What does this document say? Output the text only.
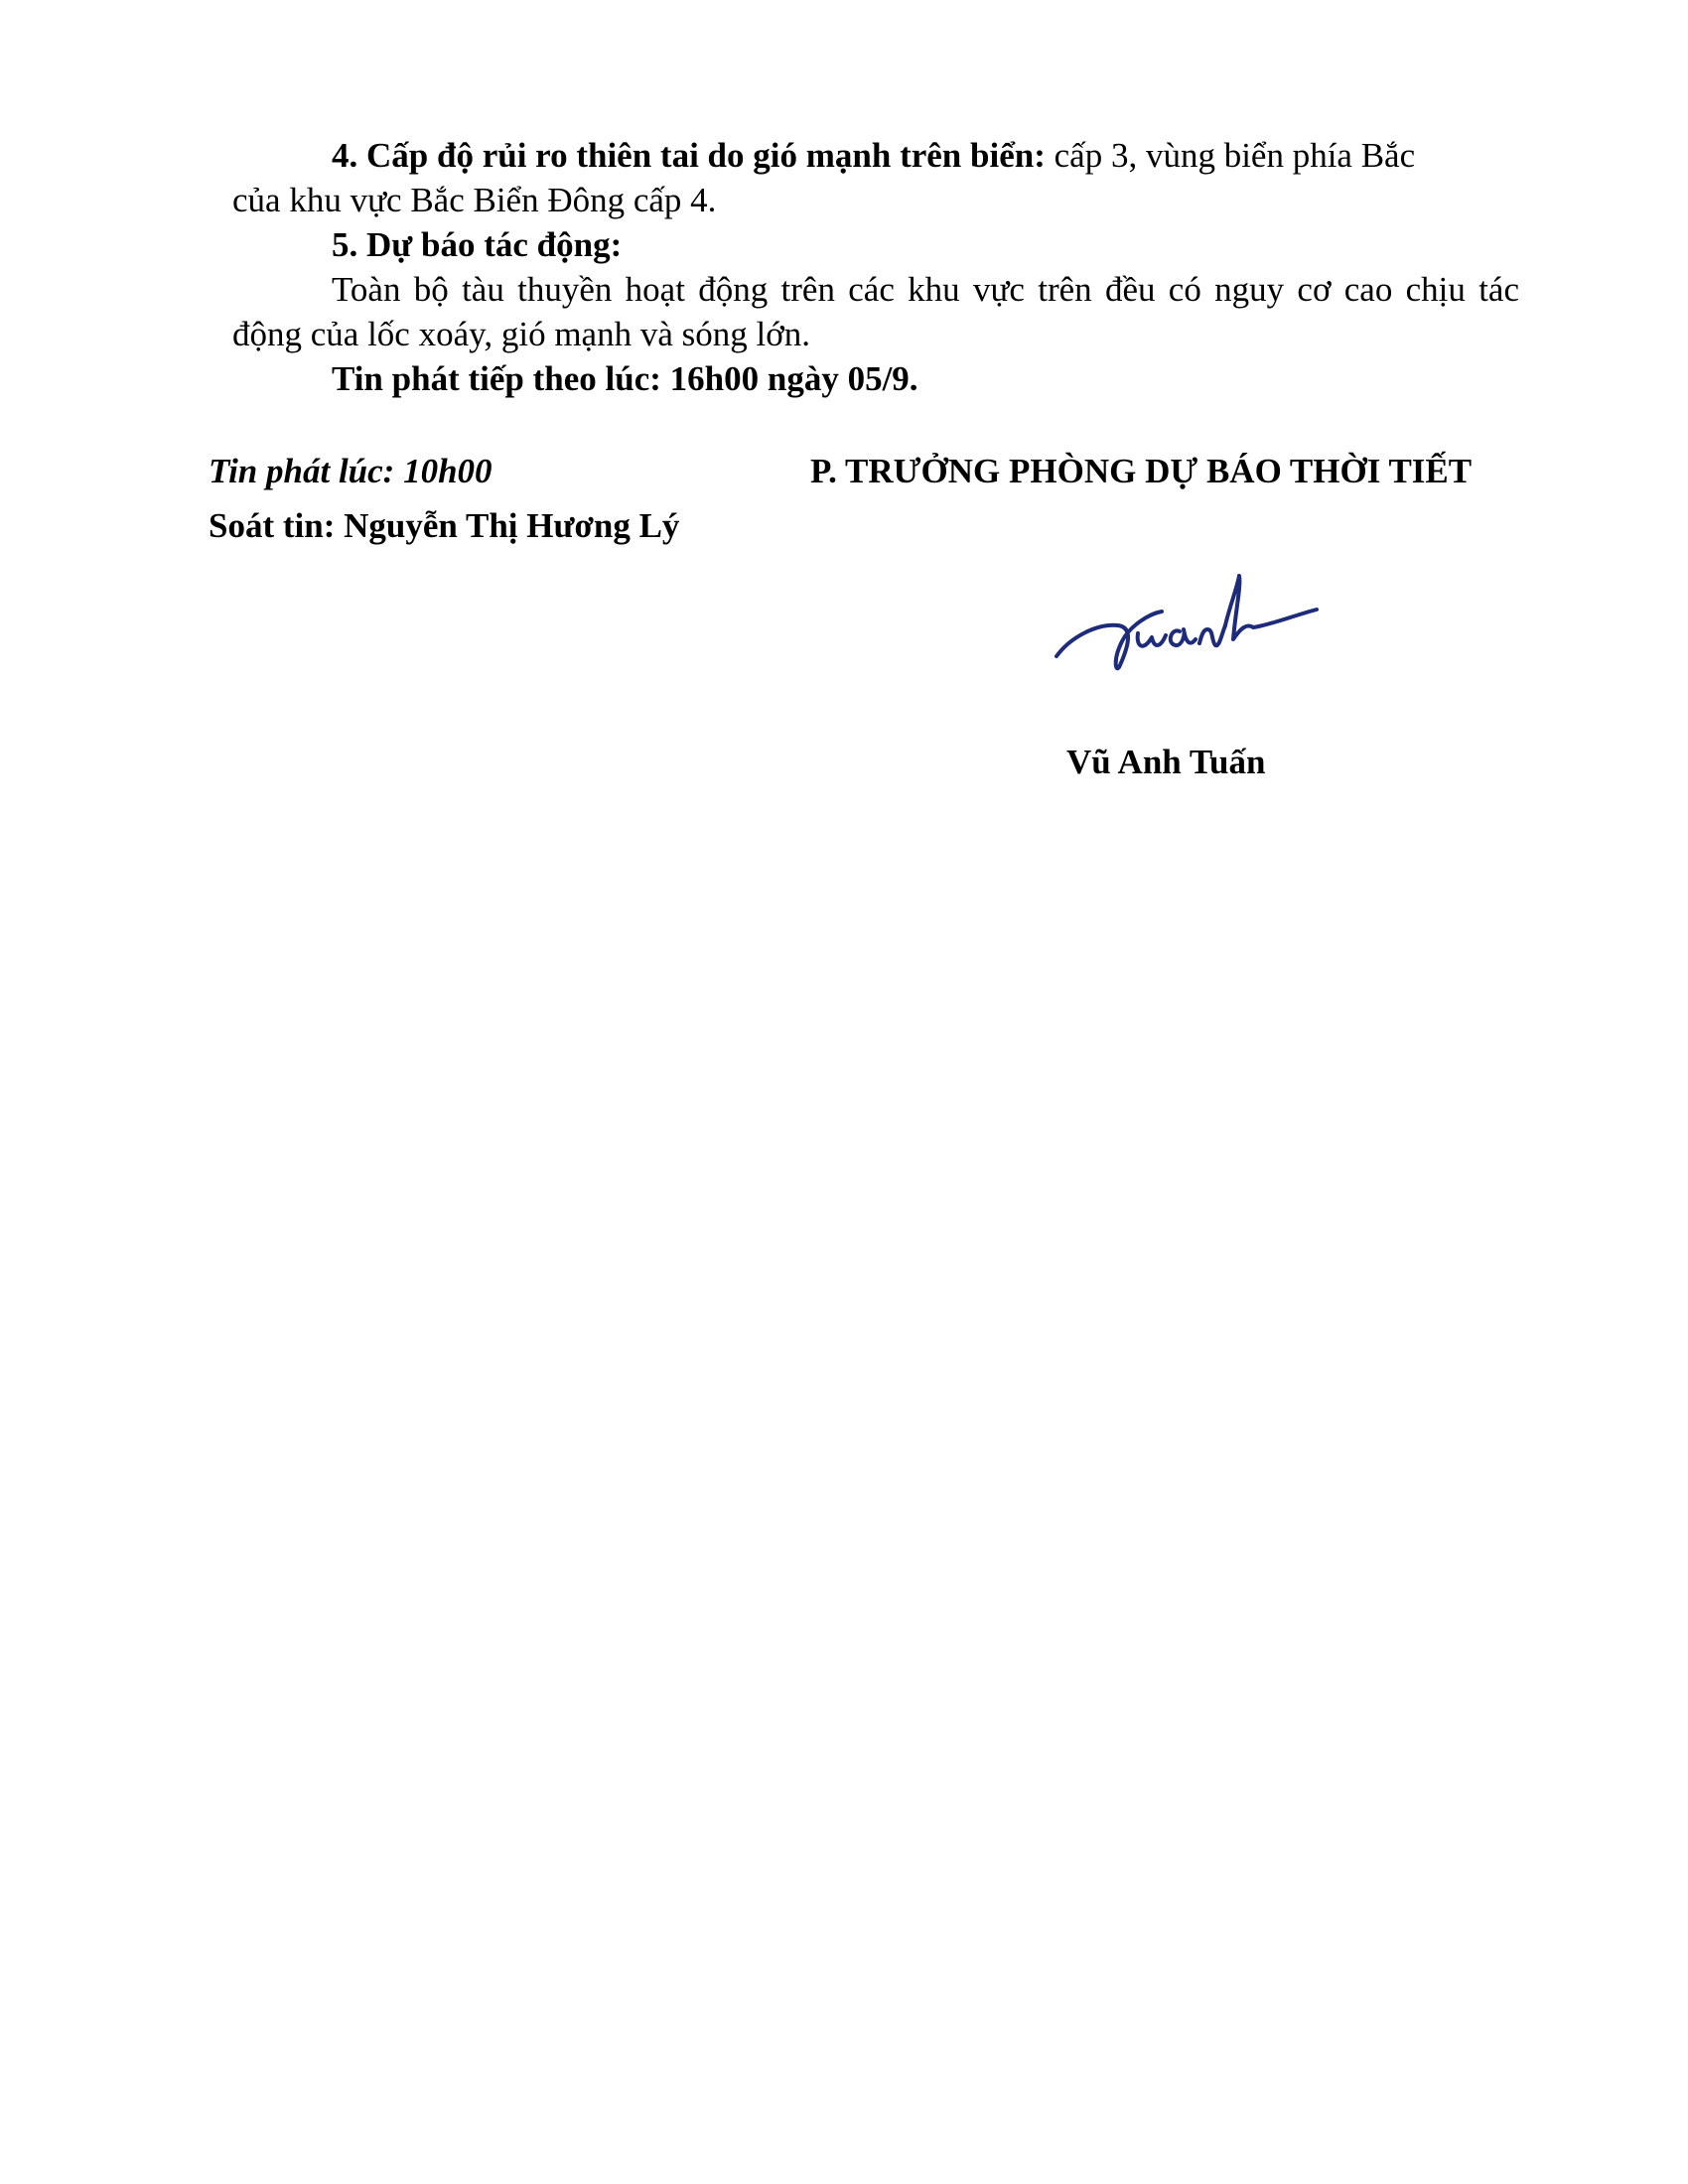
4. Cấp độ rủi ro thiên tai do gió mạnh trên biển: cấp 3, vùng biển phía Bắc

của khu vực Bắc Biển Đông cấp 4.

5. Dự báo tác động:

Toàn bộ tàu thuyền hoạt động trên các khu vực trên đều có nguy cơ cao chịu tác động của lốc xoáy, gió mạnh và sóng lớn.

Tin phát tiếp theo lúc: 16h00 ngày 05/9.

Tin phát lúc: 10h00
Soát tin: Nguyễn Thị Hương Lý
P. TRƯỞNG PHÒNG DỰ BÁO THỜI TIẾT
Vũ Anh Tuấn
